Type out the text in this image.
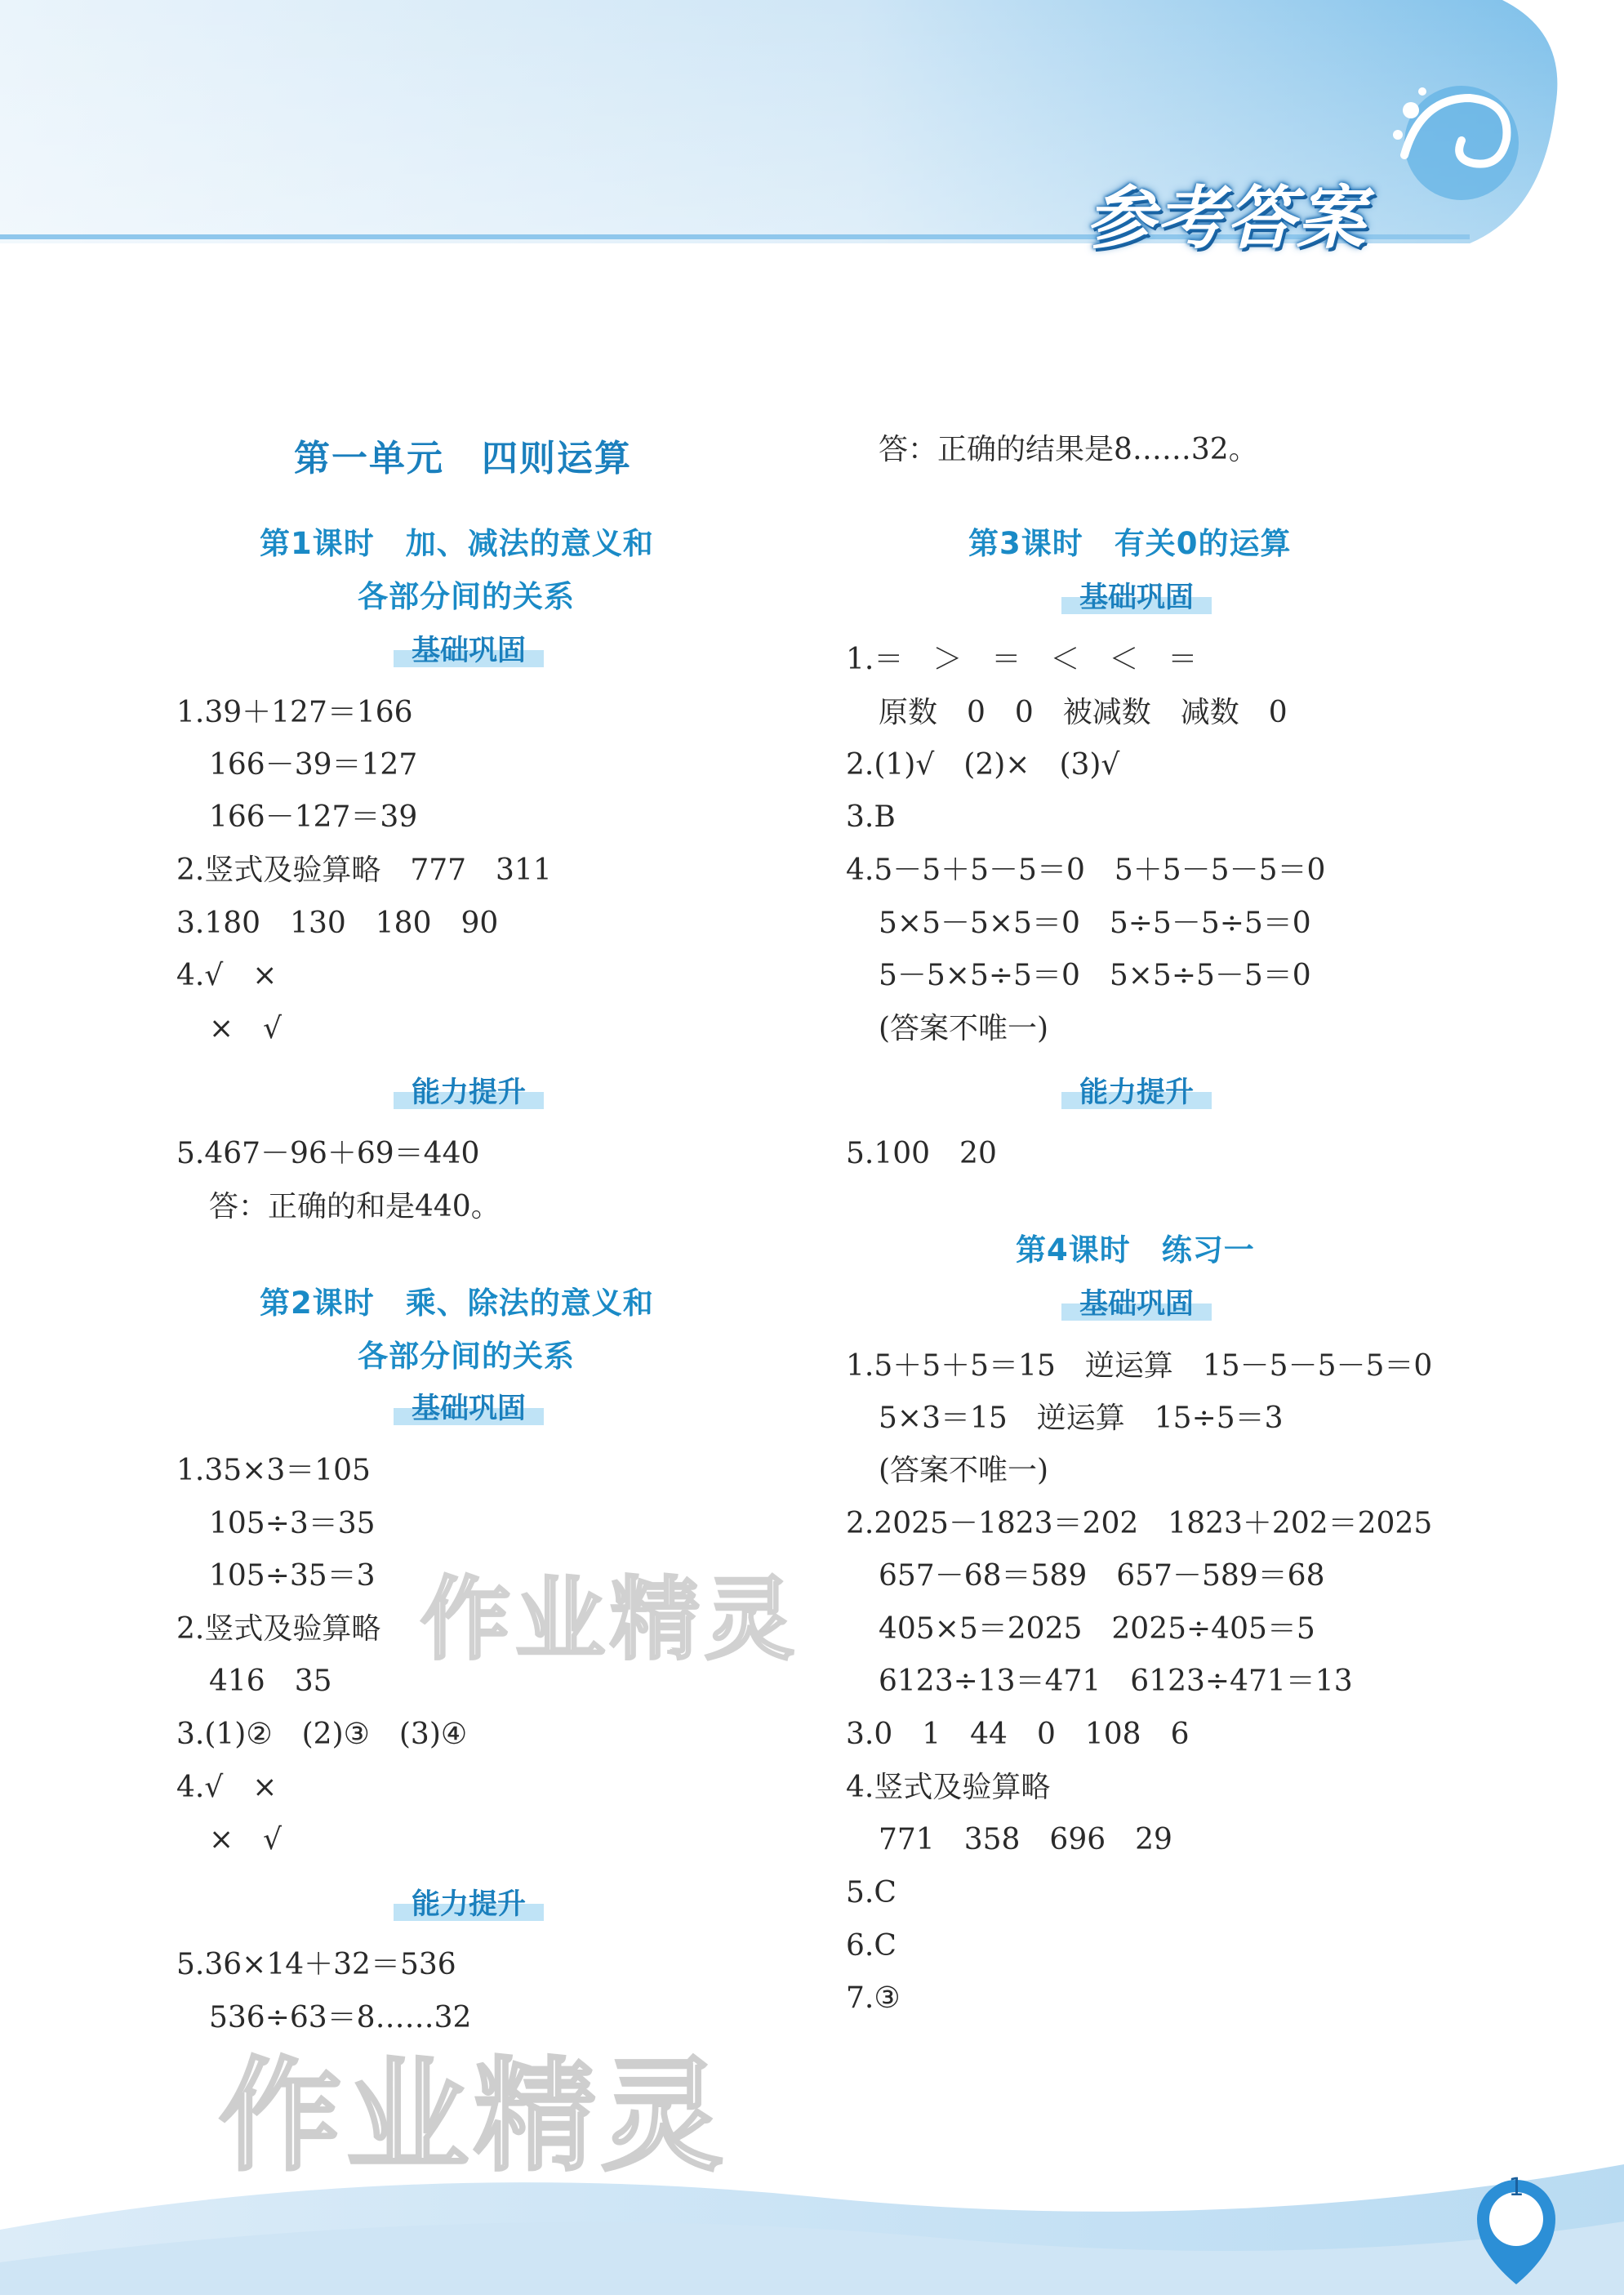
参考答案
第一单元　四则运算
第1课时　加、减法的意义和
各部分间的关系
基础巩固
1.39＋127＝166
166－39＝127
166－127＝39
2.竖式及验算略　777　311
3.180　130　180　90
4.√　×
×　√
能力提升
5.467－96＋69＝440
答：正确的和是440。
第2课时　乘、除法的意义和
各部分间的关系
基础巩固
1.35×3＝105
105÷3＝35
105÷35＝3
2.竖式及验算略
416　35
3.(1)②　(2)③　(3)④
4.√　×
×　√
能力提升
5.36×14＋32＝536
536÷63＝8……32
答：正确的结果是8……32。
第3课时　有关0的运算
基础巩固
1.＝　＞　＝　＜　＜　＝
原数　0　0　被减数　减数　0
2.(1)√　(2)×　(3)√
3.B
4.5－5＋5－5＝0　5＋5－5－5＝0
5×5－5×5＝0　5÷5－5÷5＝0
5－5×5÷5＝0　5×5÷5－5＝0
(答案不唯一)
能力提升
5.100　20
第4课时　练习一
基础巩固
1.5＋5＋5＝15　逆运算　15－5－5－5＝0
5×3＝15　逆运算　15÷5＝3
(答案不唯一)
2.2025－1823＝202　1823＋202＝2025
657－68＝589　657－589＝68
405×5＝2025　2025÷405＝5
6123÷13＝471　6123÷471＝13
3.0　1　44　0　108　6
4.竖式及验算略
771　358　696　29
5.C
6.C
7.③
作业精灵
作业精灵	1
